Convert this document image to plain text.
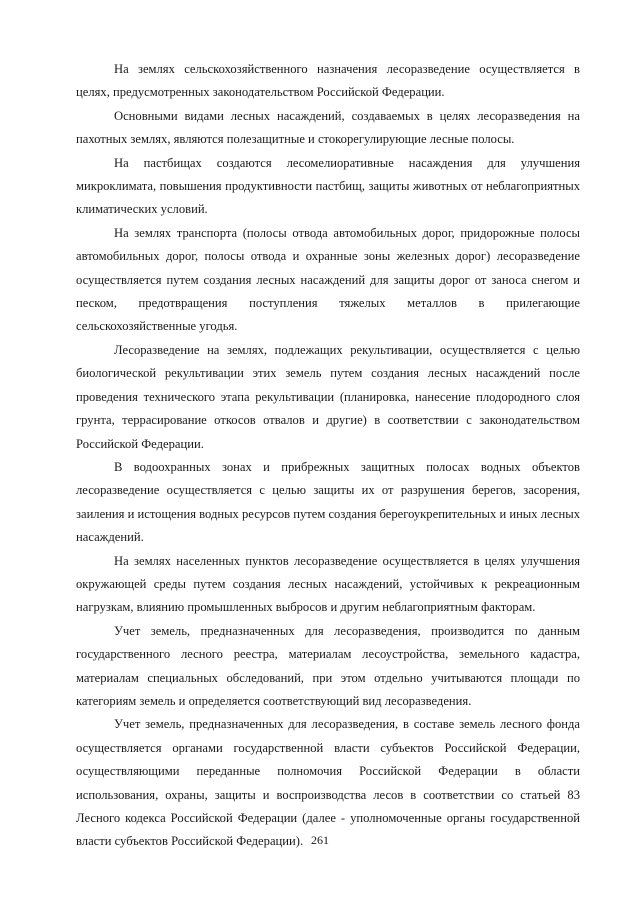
На землях сельскохозяйственного назначения лесоразведение осуществляется в целях, предусмотренных законодательством Российской Федерации.

Основными видами лесных насаждений, создаваемых в целях лесоразведения на пахотных землях, являются полезащитные и стокорегулирующие лесные полосы.

На пастбищах создаются лесомелиоративные насаждения для улучшения микроклимата, повышения продуктивности пастбищ, защиты животных от неблагоприятных климатических условий.

На землях транспорта (полосы отвода автомобильных дорог, придорожные полосы автомобильных дорог, полосы отвода и охранные зоны железных дорог) лесоразведение осуществляется путем создания лесных насаждений для защиты дорог от заноса снегом и песком, предотвращения поступления тяжелых металлов в прилегающие сельскохозяйственные угодья.

Лесоразведение на землях, подлежащих рекультивации, осуществляется с целью биологической рекультивации этих земель путем создания лесных насаждений после проведения технического этапа рекультивации (планировка, нанесение плодородного слоя грунта, террасирование откосов отвалов и другие) в соответствии с законодательством Российской Федерации.

В водоохранных зонах и прибрежных защитных полосах водных объектов лесоразведение осуществляется с целью защиты их от разрушения берегов, засорения, заиления и истощения водных ресурсов путем создания берегоукрепительных и иных лесных насаждений.

На землях населенных пунктов лесоразведение осуществляется в целях улучшения окружающей среды путем создания лесных насаждений, устойчивых к рекреационным нагрузкам, влиянию промышленных выбросов и другим неблагоприятным факторам.

Учет земель, предназначенных для лесоразведения, производится по данным государственного лесного реестра, материалам лесоустройства, земельного кадастра, материалам специальных обследований, при этом отдельно учитываются площади по категориям земель и определяется соответствующий вид лесоразведения.

Учет земель, предназначенных для лесоразведения, в составе земель лесного фонда осуществляется органами государственной власти субъектов Российской Федерации, осуществляющими переданные полномочия Российской Федерации в области использования, охраны, защиты и воспроизводства лесов в соответствии со статьей 83 Лесного кодекса Российской Федерации (далее - уполномоченные органы государственной власти субъектов Российской Федерации). 261
